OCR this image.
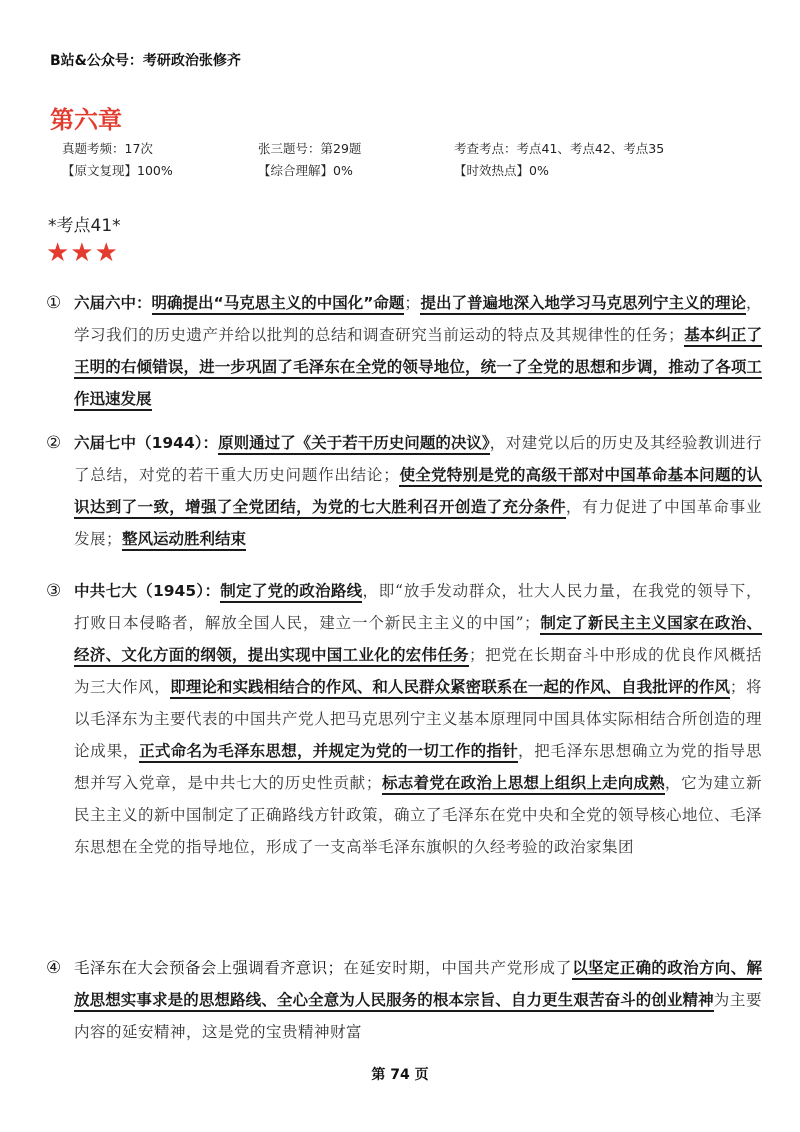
B站&公众号：考研政治张修齐
第六章
真题考频：17次	张三题号：第29题	考查考点：考点41、考点42、考点35
【原文复现】100%	【综合理解】0%	【时效热点】0%
*考点41*
★★★
① 六届六中：明确提出“马克思主义的中国化”命题；提出了普遍地深入地学习马克思列宁主义的理论，学习我们的历史遗产并给以批判的总结和调查研究当前运动的特点及其规律性的任务；基本纠正了王明的右倾错误，进一步巩固了毛泽东在全党的领导地位，统一了全党的思想和步调，推动了各项工作迅速发展
② 六届七中（1944）：原则通过了《关于若干历史问题的决议》，对建党以后的历史及其经验教训进行了总结，对党的若干重大历史问题作出结论；使全党特别是党的高级干部对中国革命基本问题的认识达到了一致，增强了全党团结，为党的七大胜利召开创造了充分条件，有力促进了中国革命事业发展；整风运动胜利结束
③ 中共七大（1945）：制定了党的政治路线，即“放手发动群众，壮大人民力量，在我党的领导下，打败日本侵略者，解放全国人民，建立一个新民主主义的中国”；制定了新民主主义国家在政治、经济、文化方面的纲领，提出实现中国工业化的宏伟任务；把党在长期奋斗中形成的优良作风概括为三大作风，即理论和实践相结合的作风、和人民群众紧密联系在一起的作风、自我批评的作风；将以毛泽东为主要代表的中国共产党人把马克思列宁主义基本原理同中国具体实际相结合所创造的理论成果，正式命名为毛泽东思想，并规定为党的一切工作的指针，把毛泽东思想确立为党的指导思想并写入党章，是中共七大的历史性贡献；标志着党在政治上思想上组织上走向成熟，它为建立新民主主义的新中国制定了正确路线方针政策，确立了毛泽东在党中央和全党的领导核心地位、毛泽东思想在全党的指导地位，形成了一支高举毛泽东旗帜的久经考验的政治家集团
④ 毛泽东在大会预备会上强调看齐意识；在延安时期，中国共产党形成了以坚定正确的政治方向、解放思想实事求是的思想路线、全心全意为人民服务的根本宗旨、自力更生艰苦奋斗的创业精神为主要内容的延安精神，这是党的宝贵精神财富
第 74 页
